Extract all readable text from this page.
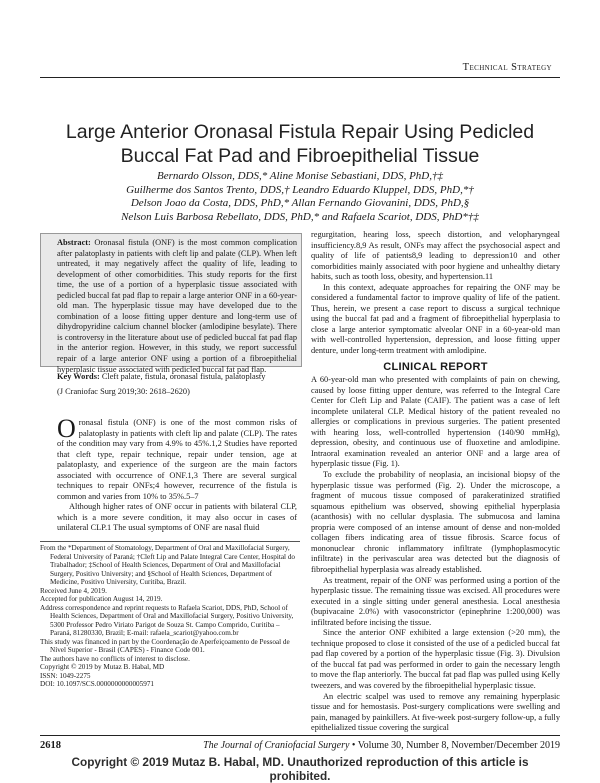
Technical Strategy
Large Anterior Oronasal Fistula Repair Using Pedicled
Buccal Fat Pad and Fibroepithelial Tissue
Bernardo Olsson, DDS,* Aline Monise Sebastiani, DDS, PhD,†‡
Guilherme dos Santos Trento, DDS,† Leandro Eduardo Kluppel, DDS, PhD,*†
Delson Joao da Costa, DDS, PhD,* Allan Fernando Giovanini, DDS, PhD,§
Nelson Luis Barbosa Rebellato, DDS, PhD,* and Rafaela Scariot, DDS, PhD*†‡
Abstract: Oronasal fistula (ONF) is the most common complication after palatoplasty in patients with cleft lip and palate (CLP). When left untreated, it may negatively affect the quality of life, leading to development of other comorbidities. This study reports for the first time, the use of a portion of a hyperplasic tissue associated with pedicled buccal fat pad flap to repair a large anterior ONF in a 60-year-old man. The hyperplasic tissue may have developed due to the combination of a loose fitting upper denture and long-term use of dihydropyridine calcium channel blocker (amlodipine besylate). There is controversy in the literature about use of pedicled buccal fat pad flap in the anterior region. However, in this study, we report successful repair of a large anterior ONF using a portion of a fibroepithelial hyperplasic tissue associated with pedicled buccal fat pad flap.
Key Words: Cleft palate, fistula, oronasal fistula, palatoplasty
(J Craniofac Surg 2019;30: 2618–2620)

Oronasal fistula (ONF) is one of the most common risks of palatoplasty in patients with cleft lip and palate (CLP). The rates of the condition may vary from 4.9% to 45%.1,2 Studies have reported that cleft type, repair technique, repair under tension, age at palatoplasty, and experience of the surgeon are the main factors associated with occurrence of ONF.1,3 There are several surgical techniques to repair ONFs;4 however, recurrence of the fistula is common and varies from 10% to 35%.5–7

Although higher rates of ONF occur in patients with bilateral CLP, which is a more severe condition, it may also occur in cases of unilateral CLP.1 The usual symptoms of ONF are nasal fluid

From the *Department of Stomatology, Department of Oral and Maxillofacial Surgery, Federal University of Paraná; †Cleft Lip and Palate Integral Care Center, Hospital do Trabalhador; ‡School of Health Sciences, Department of Oral and Maxillofacial Surgery, Positivo University; and §School of Health Sciences, Department of Medicine, Positivo University, Curitiba, Brazil.

Received June 4, 2019.

Accepted for publication August 14, 2019.

Address correspondence and reprint requests to Rafaela Scariot, DDS, PhD, School of Health Sciences, Department of Oral and Maxillofacial Surgery, Positivo University, 5300 Professor Pedro Viriato Parigot de Souza St. Campo Comprido, Curitiba – Paraná, 81280330, Brazil; E-mail: rafaela_scariot@yahoo.com.br

This study was financed in part by the Coordenação de Aperfeiçoamento de Pessoal de Nível Superior - Brasil (CAPES) - Finance Code 001.

The authors have no conflicts of interest to disclose.

Copyright © 2019 by Mutaz B. Habal, MD

ISSN: 1049-2275

DOI: 10.1097/SCS.0000000000005971

regurgitation, hearing loss, speech distortion, and velopharyngeal insufficiency.8,9 As result, ONFs may affect the psychosocial aspect and quality of life of patients8,9 leading to depression10 and other comorbidities mainly associated with poor hygiene and unhealthy dietary habits, such as tooth loss, obesity, and hypertension.11

In this context, adequate approaches for repairing the ONF may be considered a fundamental factor to improve quality of life of the patient. Thus, herein, we present a case report to discuss a surgical technique using the buccal fat pad and a fragment of fibroepithelial hyperplasia to close a large anterior symptomatic alveolar ONF in a 60-year-old man with well-controlled hypertension, depression, and loose fitting upper denture, under long-term treatment with amlodipine.

CLINICAL REPORT

A 60-year-old man who presented with complaints of pain on chewing, caused by loose fitting upper denture, was referred to the Integral Care Center for Cleft Lip and Palate (CAIF). The patient was a case of left incomplete unilateral CLP. Medical history of the patient revealed no allergies or complications in previous surgeries. The patient presented with hearing loss, well-controlled hypertension (140/90 mmHg), depression, obesity, and continuous use of fluoxetine and amlodipine. Intraoral examination revealed an anterior ONF and a large area of hyperplasic tissue (Fig. 1).

To exclude the probability of neoplasia, an incisional biopsy of the hyperplasic tissue was performed (Fig. 2). Under the microscope, a fragment of mucous tissue composed of parakeratinized stratified squamous epithelium was observed, showing epithelial hyperplasia (acanthosis) with no cellular dysplasia. The submucosa and lamina propria were composed of an intense amount of dense and non-molded collagen fibers indicating area of tissue fibrosis. Scarce focus of mononuclear chronic inflammatory infiltrate (lymphoplasmocytic infiltrate) in the perivascular area was detected but the diagnosis of fibroepithelial hyperplasia was already established.

As treatment, repair of the ONF was performed using a portion of the hyperplasic tissue. The remaining tissue was excised. All procedures were executed in a single sitting under general anesthesia. Local anesthesia (bupivacaine 2.0%) with vasoconstrictor (epinephrine 1:200,000) was infiltrated before incising the tissue.

Since the anterior ONF exhibited a large extension (>20 mm), the technique proposed to close it consisted of the use of a pedicled buccal fat pad flap covered by a portion of the hyperplasic tissue (Fig. 3). Divulsion of the buccal fat pad was performed in order to gain the necessary length to move the flap anteriorly. The buccal fat pad flap was pulled using Kelly tweezers, and was covered by the fibroepithelial hyperplasic tissue.

An electric scalpel was used to remove any remaining hyperplasic tissue and for hemostasis. Post-surgery complications were swelling and pain, managed by painkillers. At five-week post-surgery follow-up, a fully epithelialized tissue covering the surgical

2618	The Journal of Craniofacial Surgery • Volume 30, Number 8, November/December 2019
Copyright © 2019 Mutaz B. Habal, MD. Unauthorized reproduction of this article is prohibited.
